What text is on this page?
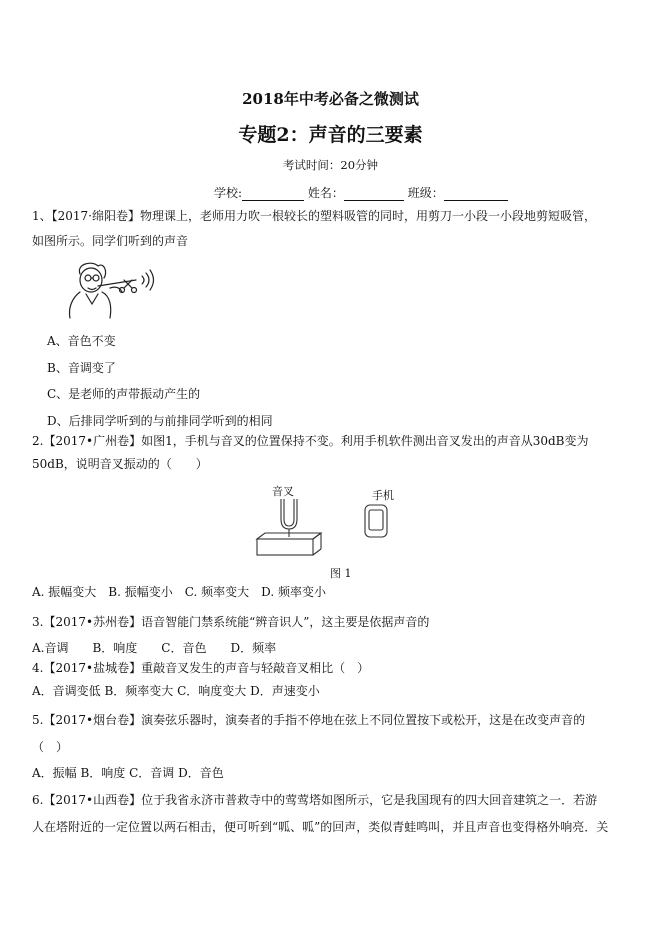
2018年中考必备之微测试
专题2：声音的三要素
考试时间：20分钟
学校:	姓名：	班级：
1、【2017·绵阳卷】物理课上，老师用力吹一根较长的塑料吸管的同时，用剪刀一小段一小段地剪短吸管，
如图所示。同学们听到的声音
A、音色不变
B、音调变了
C、是老师的声带振动产生的
D、后排同学听到的与前排同学听到的相同
2.【2017•广州卷】如图1，手机与音叉的位置保持不变。利用手机软件测出音叉发出的声音从30dB变为
50dB，说明音叉振动的（　　）
音叉	手机
图 1
A. 振幅变大　B. 振幅变小　C. 频率变大　D. 频率变小
3.【2017•苏州卷】语音智能门禁系统能“辨音识人”，这主要是依据声音的
A.音调　　B．响度　　C．音色　　D．频率
4.【2017•盐城卷】重敲音叉发生的声音与轻敲音叉相比（　）
A．音调变低 B．频率变大 C．响度变大 D．声速变小
5.【2017•烟台卷】演奏弦乐器时，演奏者的手指不停地在弦上不同位置按下或松开，这是在改变声音的
（　）
A．振幅 B．响度 C．音调 D．音色
6.【2017•山西卷】位于我省永济市普救寺中的莺莺塔如图所示，它是我国现有的四大回音建筑之一．若游
人在塔附近的一定位置以两石相击，便可听到“呱、呱”的回声，类似青蛙鸣叫，并且声音也变得格外响亮．关
